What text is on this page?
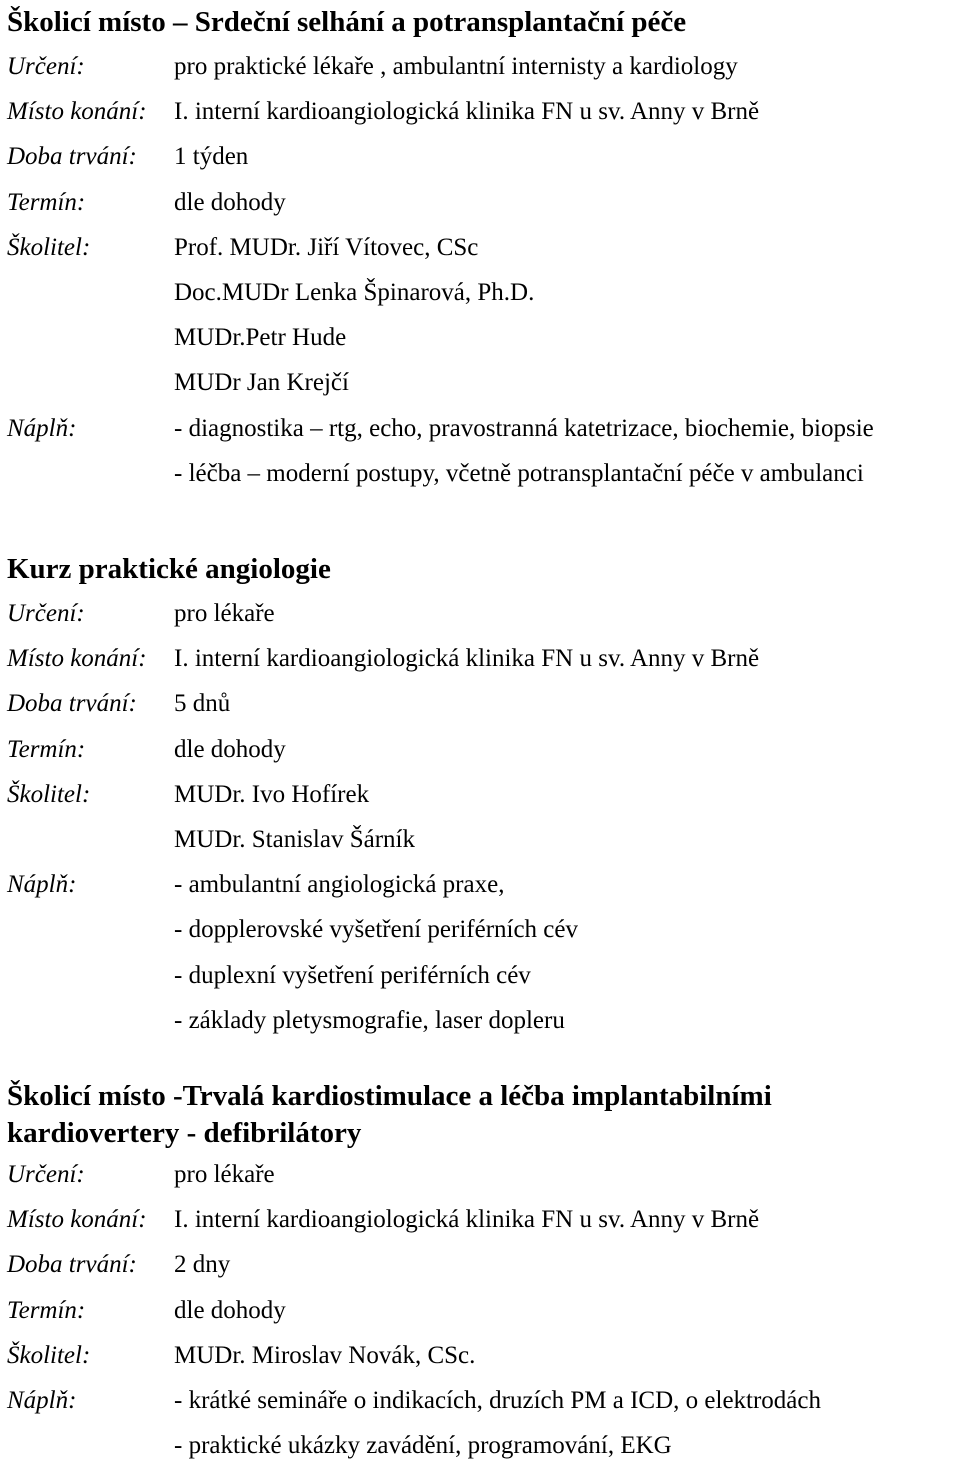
Školicí místo – Srdeční selhání a potransplantační péče
Určení:	pro praktické lékaře , ambulantní internisty a kardiology
Místo konání:	I. interní kardioangiologická klinika FN u sv. Anny v Brně
Doba trvání:	1 týden
Termín:	dle dohody
Školitel:	Prof. MUDr. Jiří Vítovec, CSc
Doc.MUDr Lenka Špinarová, Ph.D.
MUDr.Petr Hude
MUDr Jan Krejčí
Náplň:	- diagnostika – rtg, echo, pravostranná katetrizace, biochemie, biopsie
- léčba – moderní postupy, včetně potransplantační péče v ambulanci
Kurz praktické angiologie
Určení:	pro lékaře
Místo konání:	I. interní kardioangiologická klinika FN u sv. Anny v Brně
Doba trvání:	5 dnů
Termín:	dle dohody
Školitel:	MUDr. Ivo Hofírek
MUDr. Stanislav Šárník
Náplň:	- ambulantní angiologická praxe,
- dopplerovské vyšetření periférních cév
- duplexní vyšetření periférních cév
- základy pletysmografie, laser dopleru
Školicí místo -Trvalá kardiostimulace a léčba implantabilními
kardiovertery - defibrilátory
Určení:	pro lékaře
Místo konání:	I. interní kardioangiologická klinika FN u sv. Anny v Brně
Doba trvání:	2 dny
Termín:	dle dohody
Školitel:	MUDr. Miroslav Novák, CSc.
Náplň:	- krátké semináře o indikacích, druzích PM a ICD, o elektrodách
- praktické ukázky zavádění, programování, EKG
